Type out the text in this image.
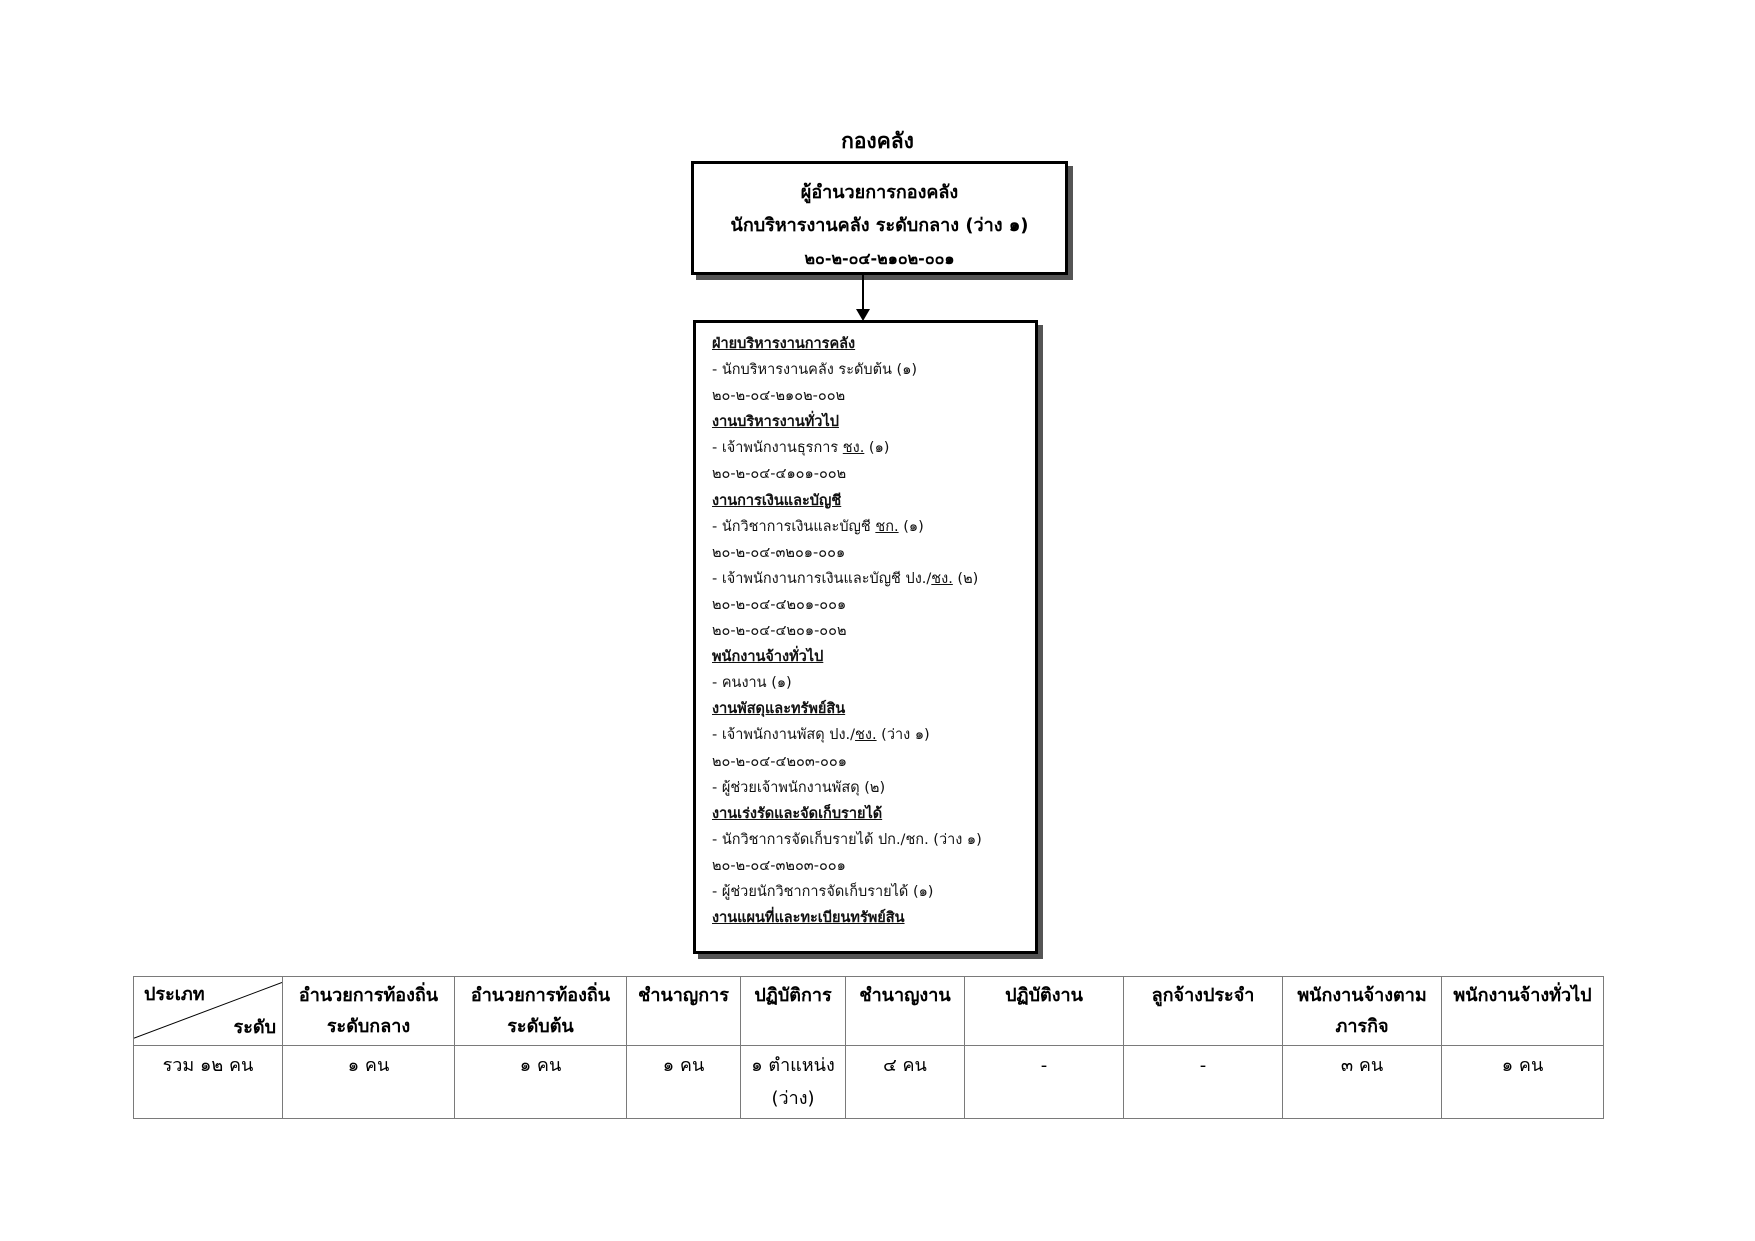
กองคลัง
ผู้อำนวยการกองคลัง
นักบริหารงานคลัง ระดับกลาง (ว่าง ๑)
๒๐-๒-๐๔-๒๑๐๒-๐๐๑
ฝ่ายบริหารงานการคลัง
- นักบริหารงานคลัง ระดับต้น (๑)
๒๐-๒-๐๔-๒๑๐๒-๐๐๒
งานบริหารงานทั่วไป
- เจ้าพนักงานธุรการ ชง. (๑)
๒๐-๒-๐๔-๔๑๐๑-๐๐๒
งานการเงินและบัญชี
- นักวิชาการเงินและบัญชี ชก. (๑)
๒๐-๒-๐๔-๓๒๐๑-๐๐๑
- เจ้าพนักงานการเงินและบัญชี ปง./ชง. (๒)
๒๐-๒-๐๔-๔๒๐๑-๐๐๑
๒๐-๒-๐๔-๔๒๐๑-๐๐๒
พนักงานจ้างทั่วไป
- คนงาน (๑)
งานพัสดุและทรัพย์สิน
- เจ้าพนักงานพัสดุ ปง./ชง. (ว่าง ๑)
๒๐-๒-๐๔-๔๒๐๓-๐๐๑
- ผู้ช่วยเจ้าพนักงานพัสดุ (๒)
งานเร่งรัดและจัดเก็บรายได้
- นักวิชาการจัดเก็บรายได้ ปก./ชก. (ว่าง ๑)
๒๐-๒-๐๔-๓๒๐๓-๐๐๑
- ผู้ช่วยนักวิชาการจัดเก็บรายได้ (๑)
งานแผนที่และทะเบียนทรัพย์สิน
ประเภท
ระดับ	อำนวยการท้องถิ่นระดับกลาง	อำนวยการท้องถิ่นระดับต้น	ชำนาญการ	ปฏิบัติการ	ชำนาญงาน	ปฏิบัติงาน	ลูกจ้างประจำ	พนักงานจ้างตามภารกิจ	พนักงานจ้างทั่วไป
รวม ๑๒ คน	๑ คน	๑ คน	๑ คน	๑ ตำแหน่ง (ว่าง)	๔ คน	-	-	๓ คน	๑ คน
